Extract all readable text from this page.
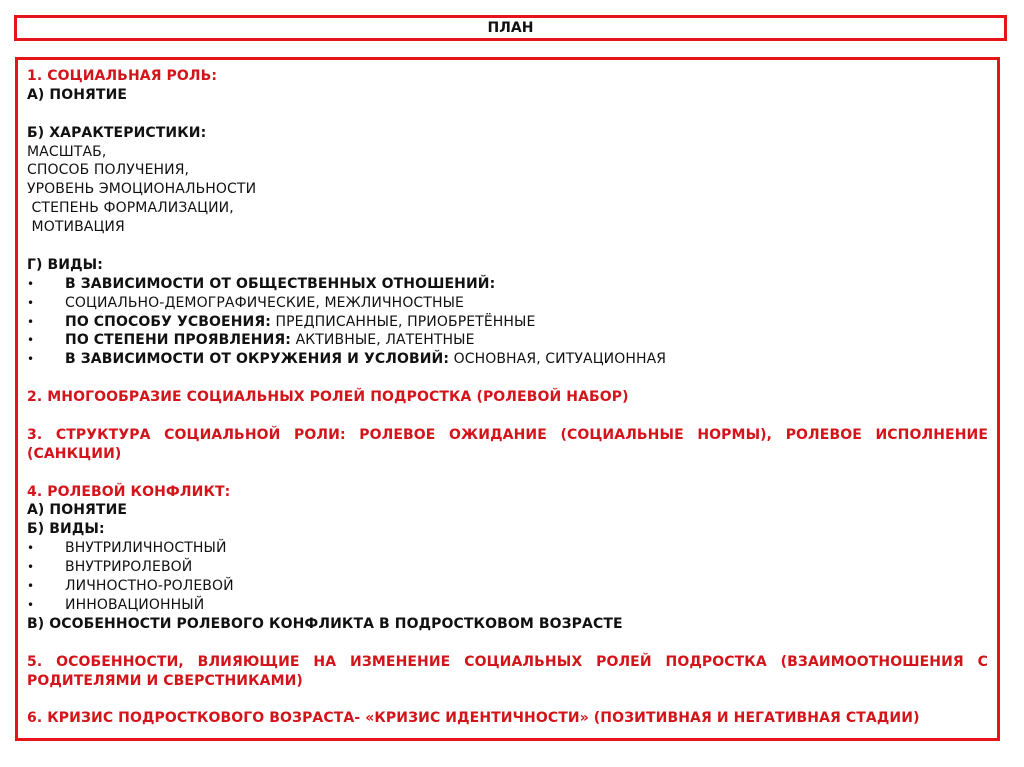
ПЛАН
1. СОЦИАЛЬНАЯ РОЛЬ:
А) ПОНЯТИЕ
Б) ХАРАКТЕРИСТИКИ:
МАСШТАБ,
СПОСОБ ПОЛУЧЕНИЯ,
УРОВЕНЬ ЭМОЦИОНАЛЬНОСТИ
СТЕПЕНЬ ФОРМАЛИЗАЦИИ,
МОТИВАЦИЯ
Г) ВИДЫ:
•	В ЗАВИСИМОСТИ ОТ ОБЩЕСТВЕННЫХ ОТНОШЕНИЙ:
•	СОЦИАЛЬНО-ДЕМОГРАФИЧЕСКИЕ, МЕЖЛИЧНОСТНЫЕ
•	ПО СПОСОБУ УСВОЕНИЯ: ПРЕДПИСАННЫЕ, ПРИОБРЕТЁННЫЕ
•	ПО СТЕПЕНИ ПРОЯВЛЕНИЯ: АКТИВНЫЕ, ЛАТЕНТНЫЕ
•	В ЗАВИСИМОСТИ ОТ ОКРУЖЕНИЯ И УСЛОВИЙ: ОСНОВНАЯ, СИТУАЦИОННАЯ
2. МНОГООБРАЗИЕ СОЦИАЛЬНЫХ РОЛЕЙ ПОДРОСТКА (РОЛЕВОЙ НАБОР)
3. СТРУКТУРА СОЦИАЛЬНОЙ РОЛИ: РОЛЕВОЕ ОЖИДАНИЕ (СОЦИАЛЬНЫЕ НОРМЫ), РОЛЕВОЕ ИСПОЛНЕНИЕ
(САНКЦИИ)
4. РОЛЕВОЙ КОНФЛИКТ:
А) ПОНЯТИЕ
Б) ВИДЫ:
•	ВНУТРИЛИЧНОСТНЫЙ
•	ВНУТРИРОЛЕВОЙ
•	ЛИЧНОСТНО-РОЛЕВОЙ
•	ИННОВАЦИОННЫЙ
В) ОСОБЕННОСТИ РОЛЕВОГО КОНФЛИКТА В ПОДРОСТКОВОМ ВОЗРАСТЕ
5. ОСОБЕННОСТИ, ВЛИЯЮЩИЕ НА ИЗМЕНЕНИЕ СОЦИАЛЬНЫХ РОЛЕЙ ПОДРОСТКА (ВЗАИМООТНОШЕНИЯ С
РОДИТЕЛЯМИ И СВЕРСТНИКАМИ)
6. КРИЗИС ПОДРОСТКОВОГО ВОЗРАСТА- «КРИЗИС ИДЕНТИЧНОСТИ» (ПОЗИТИВНАЯ И НЕГАТИВНАЯ СТАДИИ)
